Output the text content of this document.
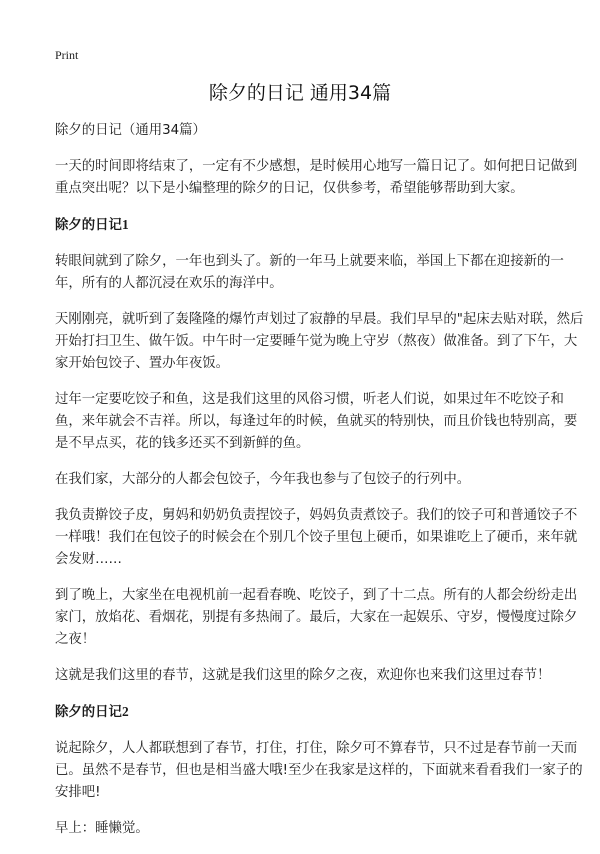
Print
除夕的日记 通用34篇

除夕的日记（通用34篇）

一天的时间即将结束了，一定有不少感想，是时候用心地写一篇日记了。如何把日记做到重点突出呢？以下是小编整理的除夕的日记，仅供参考，希望能够帮助到大家。

除夕的日记1

转眼间就到了除夕，一年也到头了。新的一年马上就要来临，举国上下都在迎接新的一年，所有的人都沉浸在欢乐的海洋中。

天刚刚亮，就听到了轰隆隆的爆竹声划过了寂静的早晨。我们早早的"起床去贴对联，然后开始打扫卫生、做午饭。中午时一定要睡午觉为晚上守岁（熬夜）做准备。到了下午，大家开始包饺子、置办年夜饭。

过年一定要吃饺子和鱼，这是我们这里的风俗习惯，听老人们说，如果过年不吃饺子和鱼，来年就会不吉祥。所以，每逢过年的时候，鱼就买的特别快，而且价钱也特别高，要是不早点买，花的钱多还买不到新鲜的鱼。

在我们家，大部分的人都会包饺子，今年我也参与了包饺子的行列中。

我负责擀饺子皮，舅妈和奶奶负责捏饺子，妈妈负责煮饺子。我们的饺子可和普通饺子不一样哦！我们在包饺子的时候会在个别几个饺子里包上硬币，如果谁吃上了硬币，来年就会发财……

到了晚上，大家坐在电视机前一起看春晚、吃饺子，到了十二点。所有的人都会纷纷走出家门，放焰花、看烟花，别提有多热闹了。最后，大家在一起娱乐、守岁，慢慢度过除夕之夜！

这就是我们这里的春节，这就是我们这里的除夕之夜，欢迎你也来我们这里过春节！

除夕的日记2

说起除夕，人人都联想到了春节，打住，打住，除夕可不算春节，只不过是春节前一天而已。虽然不是春节，但也是相当盛大哦!至少在我家是这样的，下面就来看看我们一家子的安排吧!

早上：睡懒觉。
